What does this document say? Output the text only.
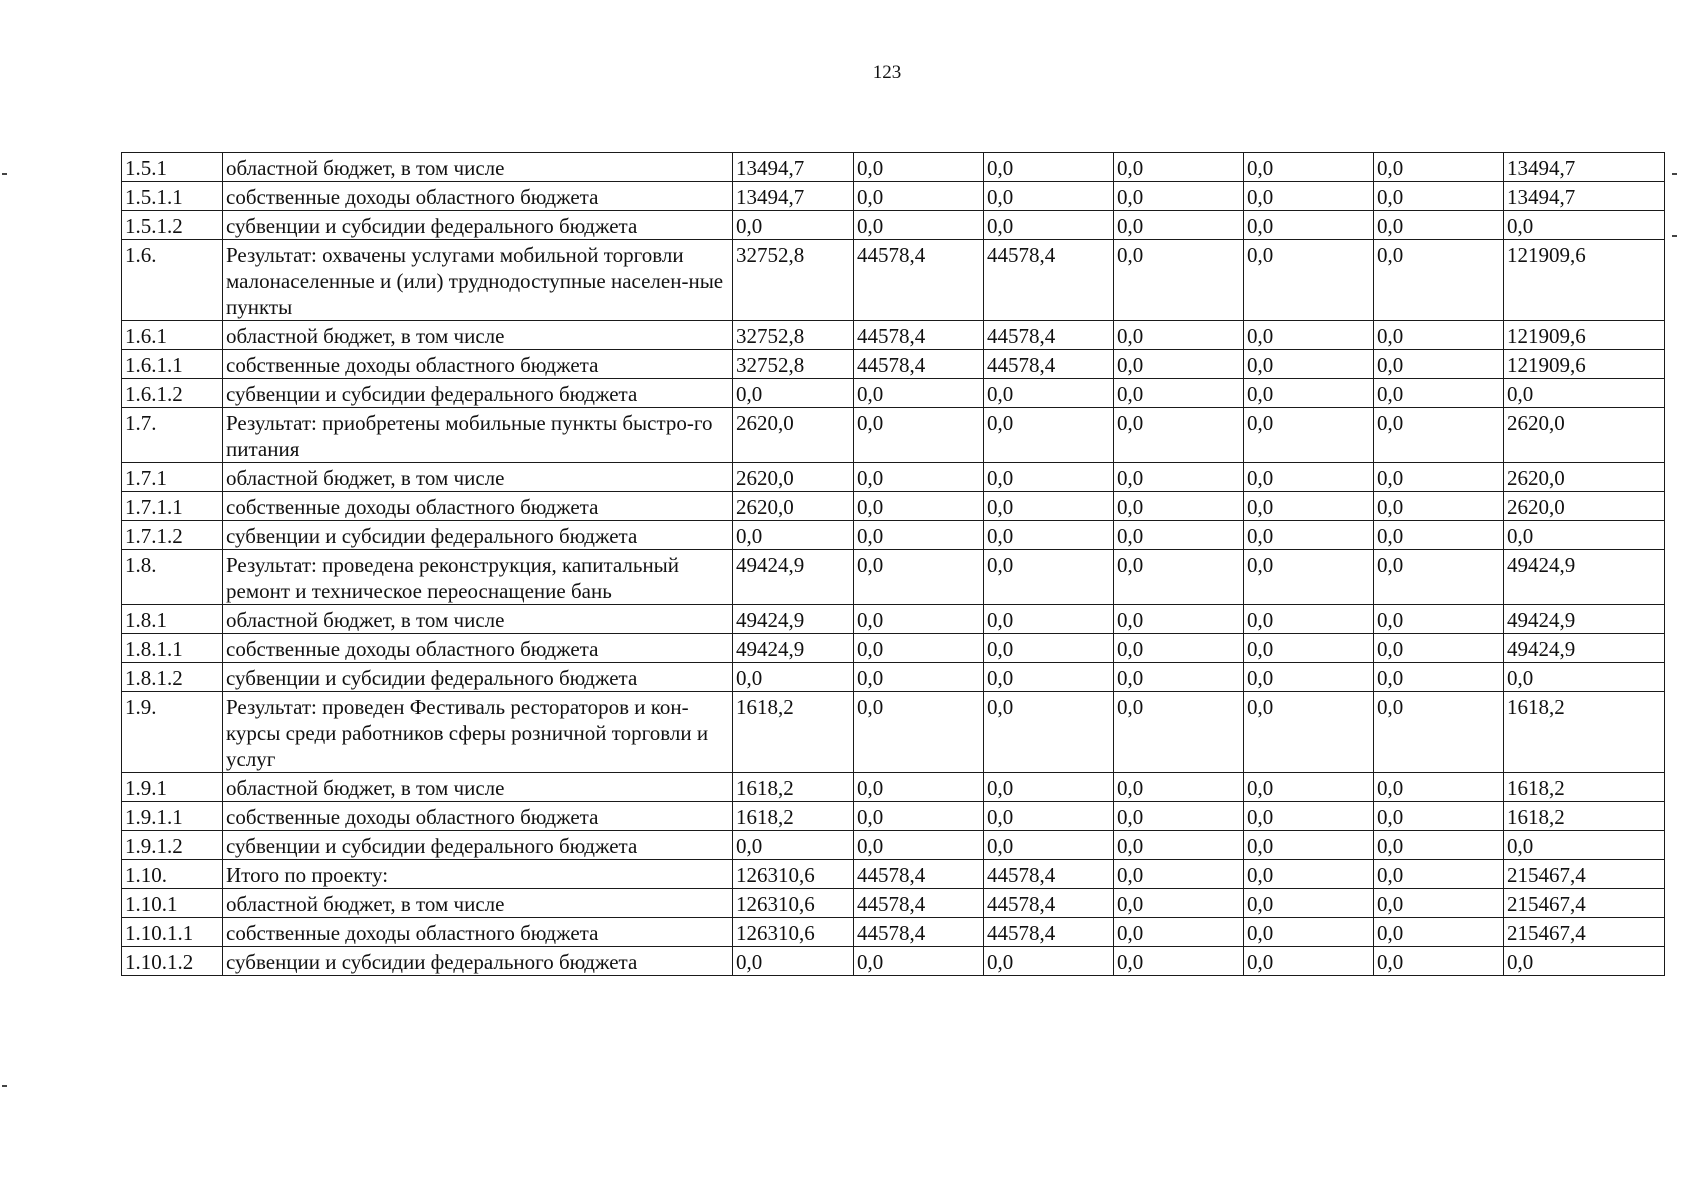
123
1.5.1	областной бюджет, в том числе	13494,7	0,0	0,0	0,0	0,0	0,0	13494,7
1.5.1.1	собственные доходы областного бюджета	13494,7	0,0	0,0	0,0	0,0	0,0	13494,7
1.5.1.2	субвенции и субсидии федерального бюджета	0,0	0,0	0,0	0,0	0,0	0,0	0,0
1.6.	Результат: охвачены услугами мобильной торговли малонаселенные и (или) труднодоступные населен-ные пункты	32752,8	44578,4	44578,4	0,0	0,0	0,0	121909,6
1.6.1	областной бюджет, в том числе	32752,8	44578,4	44578,4	0,0	0,0	0,0	121909,6
1.6.1.1	собственные доходы областного бюджета	32752,8	44578,4	44578,4	0,0	0,0	0,0	121909,6
1.6.1.2	субвенции и субсидии федерального бюджета	0,0	0,0	0,0	0,0	0,0	0,0	0,0
1.7.	Результат: приобретены мобильные пункты быстро-го питания	2620,0	0,0	0,0	0,0	0,0	0,0	2620,0
1.7.1	областной бюджет, в том числе	2620,0	0,0	0,0	0,0	0,0	0,0	2620,0
1.7.1.1	собственные доходы областного бюджета	2620,0	0,0	0,0	0,0	0,0	0,0	2620,0
1.7.1.2	субвенции и субсидии федерального бюджета	0,0	0,0	0,0	0,0	0,0	0,0	0,0
1.8.	Результат: проведена реконструкция, капитальный ремонт и техническое переоснащение бань	49424,9	0,0	0,0	0,0	0,0	0,0	49424,9
1.8.1	областной бюджет, в том числе	49424,9	0,0	0,0	0,0	0,0	0,0	49424,9
1.8.1.1	собственные доходы областного бюджета	49424,9	0,0	0,0	0,0	0,0	0,0	49424,9
1.8.1.2	субвенции и субсидии федерального бюджета	0,0	0,0	0,0	0,0	0,0	0,0	0,0
1.9.	Результат: проведен Фестиваль рестораторов и кон-курсы среди работников сферы розничной торговли и услуг	1618,2	0,0	0,0	0,0	0,0	0,0	1618,2
1.9.1	областной бюджет, в том числе	1618,2	0,0	0,0	0,0	0,0	0,0	1618,2
1.9.1.1	собственные доходы областного бюджета	1618,2	0,0	0,0	0,0	0,0	0,0	1618,2
1.9.1.2	субвенции и субсидии федерального бюджета	0,0	0,0	0,0	0,0	0,0	0,0	0,0
1.10.	Итого по проекту:	126310,6	44578,4	44578,4	0,0	0,0	0,0	215467,4
1.10.1	областной бюджет, в том числе	126310,6	44578,4	44578,4	0,0	0,0	0,0	215467,4
1.10.1.1	собственные доходы областного бюджета	126310,6	44578,4	44578,4	0,0	0,0	0,0	215467,4
1.10.1.2	субвенции и субсидии федерального бюджета	0,0	0,0	0,0	0,0	0,0	0,0	0,0
